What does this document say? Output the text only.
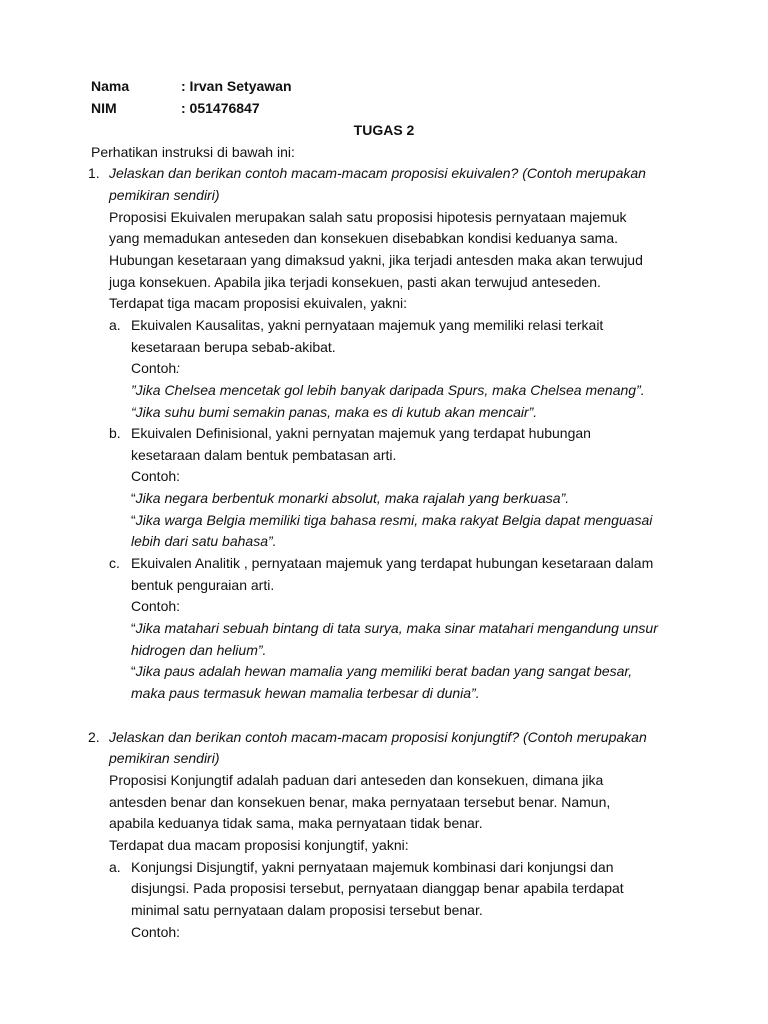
Nama	: Irvan Setyawan
NIM	: 051476847
TUGAS 2
Perhatikan instruksi di bawah ini:
1. Jelaskan dan berikan contoh macam-macam proposisi ekuivalen? (Contoh merupakan
pemikiran sendiri)
Proposisi Ekuivalen merupakan salah satu proposisi hipotesis pernyataan majemuk
yang memadukan anteseden dan konsekuen disebabkan kondisi keduanya sama.
Hubungan kesetaraan yang dimaksud yakni, jika terjadi antesden maka akan terwujud
juga konsekuen. Apabila jika terjadi konsekuen, pasti akan terwujud anteseden.
Terdapat tiga macam proposisi ekuivalen, yakni:
a. Ekuivalen Kausalitas, yakni pernyataan majemuk yang memiliki relasi terkait
kesetaraan berupa sebab-akibat.
Contoh:
”Jika Chelsea mencetak gol lebih banyak daripada Spurs, maka Chelsea menang”.
“Jika suhu bumi semakin panas, maka es di kutub akan mencair”.
b. Ekuivalen Definisional, yakni pernyatan majemuk yang terdapat hubungan
kesetaraan dalam bentuk pembatasan arti.
Contoh:
“Jika negara berbentuk monarki absolut, maka rajalah yang berkuasa”.
“Jika warga Belgia memiliki tiga bahasa resmi, maka rakyat Belgia dapat menguasai
lebih dari satu bahasa”.
c. Ekuivalen Analitik , pernyataan majemuk yang terdapat hubungan kesetaraan dalam
bentuk penguraian arti.
Contoh:
“Jika matahari sebuah bintang di tata surya, maka sinar matahari mengandung unsur
hidrogen dan helium”.
“Jika paus adalah hewan mamalia yang memiliki berat badan yang sangat besar,
maka paus termasuk hewan mamalia terbesar di dunia”.
2. Jelaskan dan berikan contoh macam-macam proposisi konjungtif? (Contoh merupakan
pemikiran sendiri)
Proposisi Konjungtif adalah paduan dari anteseden dan konsekuen, dimana jika
antesden benar dan konsekuen benar, maka pernyataan tersebut benar. Namun,
apabila keduanya tidak sama, maka pernyataan tidak benar.
Terdapat dua macam proposisi konjungtif, yakni:
a. Konjungsi Disjungtif, yakni pernyataan majemuk kombinasi dari konjungsi dan
disjungsi. Pada proposisi tersebut, pernyataan dianggap benar apabila terdapat
minimal satu pernyataan dalam proposisi tersebut benar.
Contoh:
